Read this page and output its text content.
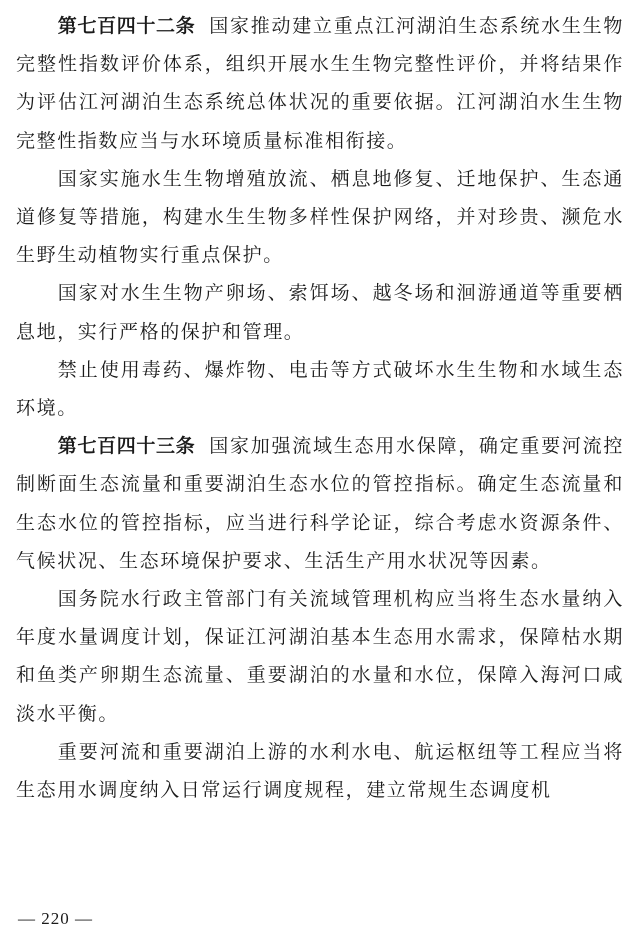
第七百四十二条 国家推动建立重点江河湖泊生态系统水生生物完整性指数评价体系，组织开展水生生物完整性评价，并将结果作为评估江河湖泊生态系统总体状况的重要依据。江河湖泊水生生物完整性指数应当与水环境质量标准相衔接。

国家实施水生生物增殖放流、栖息地修复、迁地保护、生态通道修复等措施，构建水生生物多样性保护网络，并对珍贵、濒危水生野生动植物实行重点保护。

国家对水生生物产卵场、索饵场、越冬场和洄游通道等重要栖息地，实行严格的保护和管理。

禁止使用毒药、爆炸物、电击等方式破坏水生生物和水域生态环境。

第七百四十三条 国家加强流域生态用水保障，确定重要河流控制断面生态流量和重要湖泊生态水位的管控指标。确定生态流量和生态水位的管控指标，应当进行科学论证，综合考虑水资源条件、气候状况、生态环境保护要求、生活生产用水状况等因素。

国务院水行政主管部门有关流域管理机构应当将生态水量纳入年度水量调度计划，保证江河湖泊基本生态用水需求，保障枯水期和鱼类产卵期生态流量、重要湖泊的水量和水位，保障入海河口咸淡水平衡。

重要河流和重要湖泊上游的水利水电、航运枢纽等工程应当将生态用水调度纳入日常运行调度规程，建立常规生态调度机

— 220 —
